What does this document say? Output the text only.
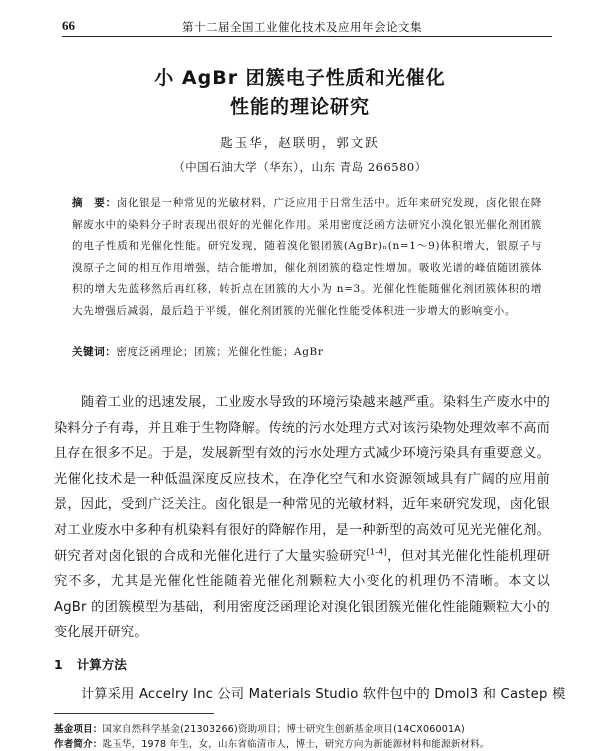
66	第十二届全国工业催化技术及应用年会论文集
小 AgBr 团簇电子性质和光催化
性能的理论研究
匙玉华，赵联明，郭文跃
（中国石油大学（华东），山东 青岛 266580）
摘　要：卤化银是一种常见的光敏材料，广泛应用于日常生活中。近年来研究发现，卤化银在降解废水中的染料分子时表现出很好的光催化作用。采用密度泛函方法研究小溴化银光催化剂团簇的电子性质和光催化性能。研究发现，随着溴化银团簇(AgBr)ₙ(n=1～9)体积增大，银原子与溴原子之间的相互作用增强，结合能增加，催化剂团簇的稳定性增加。吸收光谱的峰值随团簇体积的增大先蓝移然后再红移，转折点在团簇的大小为 n=3。光催化性能随催化剂团簇体积的增大先增强后减弱，最后趋于平缓，催化剂团簇的光催化性能受体积进一步增大的影响变小。
关键词：密度泛函理论；团簇；光催化性能；AgBr
随着工业的迅速发展，工业废水导致的环境污染越来越严重。染料生产废水中的染料分子有毒，并且难于生物降解。传统的污水处理方式对该污染物处理效率不高而且存在很多不足。于是，发展新型有效的污水处理方式减少环境污染具有重要意义。光催化技术是一种低温深度反应技术，在净化空气和水资源领域具有广阔的应用前景，因此，受到广泛关注。卤化银是一种常见的光敏材料，近年来研究发现，卤化银对工业废水中多种有机染料有很好的降解作用，是一种新型的高效可见光光催化剂。研究者对卤化银的合成和光催化进行了大量实验研究[1-4]，但对其光催化性能机理研究不多，尤其是光催化性能随着光催化剂颗粒大小变化的机理仍不清晰。本文以 AgBr 的团簇模型为基础，利用密度泛函理论对溴化银团簇光催化性能随颗粒大小的变化展开研究。
1 计算方法
计算采用 Accelry Inc 公司 Materials Studio 软件包中的 Dmol3 和 Castep 模
基金项目：国家自然科学基金(21303266)资助项目；博士研究生创新基金项目(14CX06001A)
作者简介：匙玉华，1978 年生，女，山东省临清市人，博士，研究方向为新能源材料和能源新材料。
